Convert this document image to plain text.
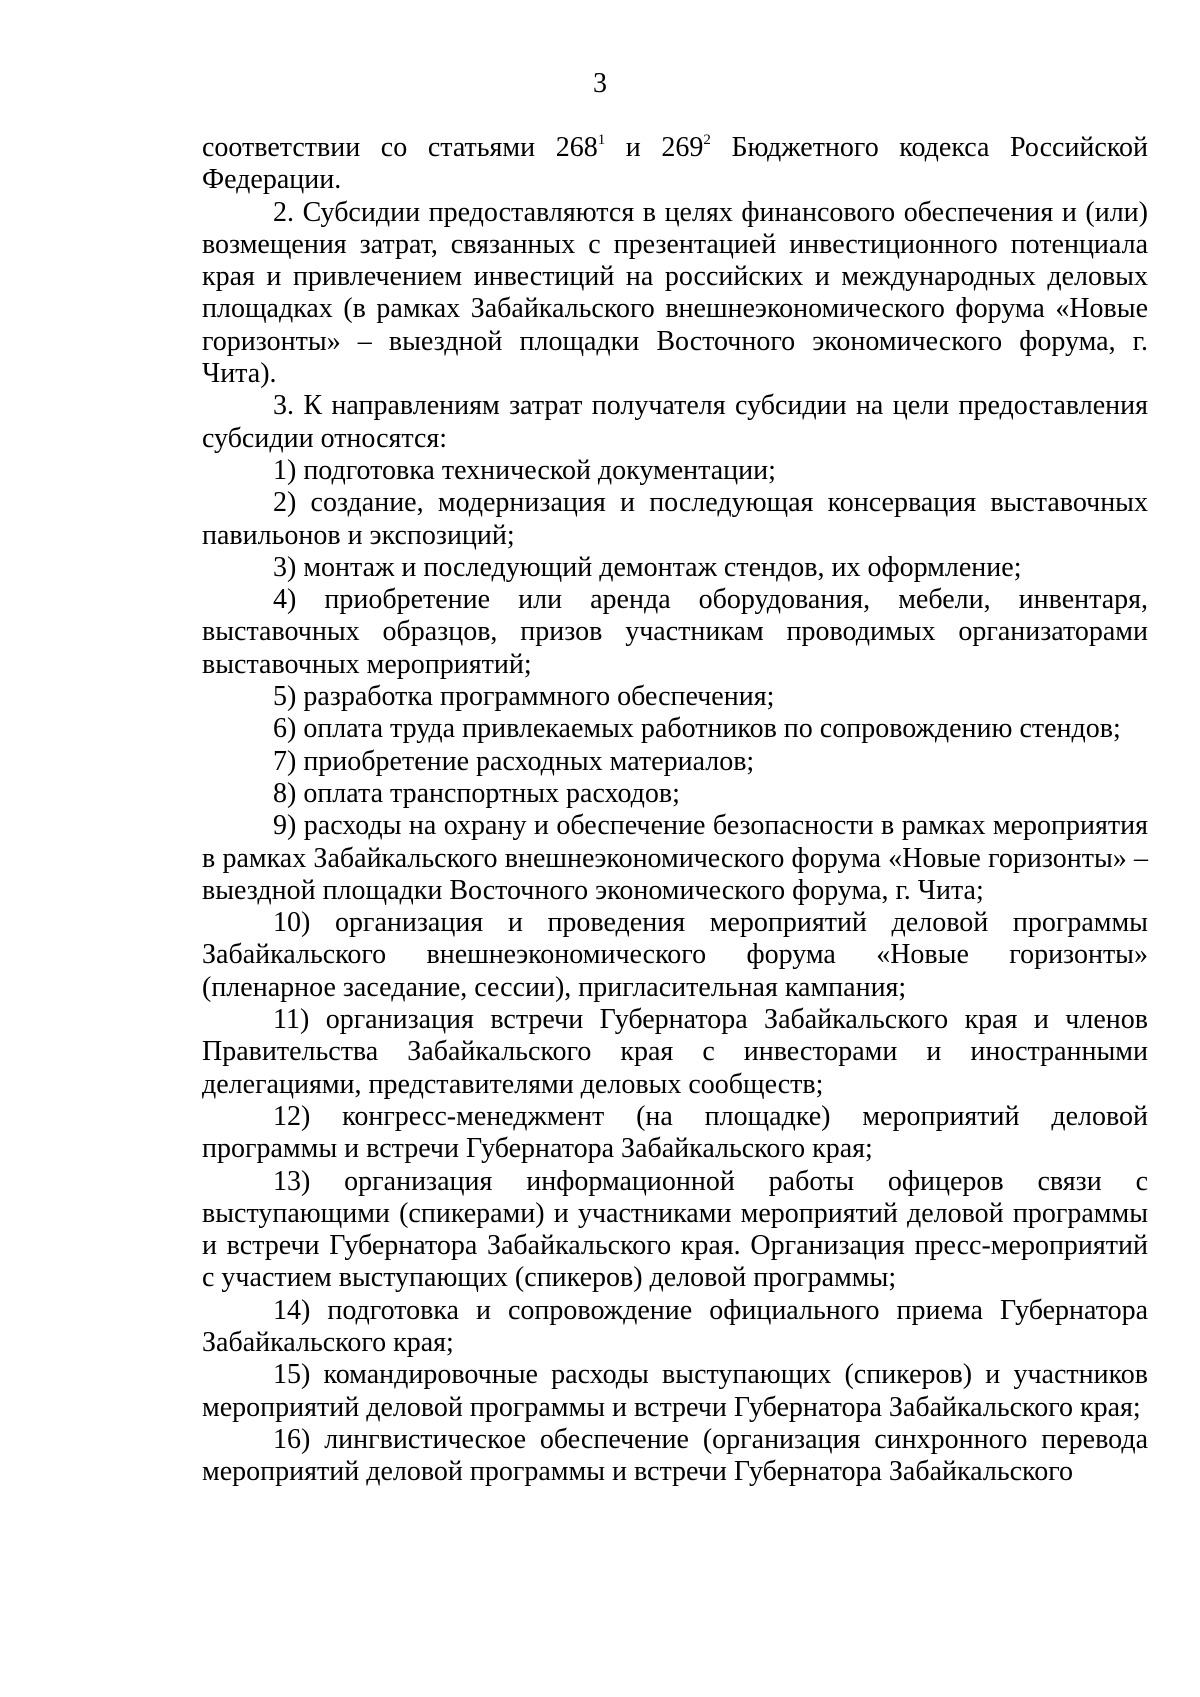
3

соответствии со статьями $268^1$ и $269^2$ Бюджетного кодекса Российской Федерации.

2. Субсидии предоставляются в целях финансового обеспечения и (или) возмещения затрат, связанных с презентацией инвестиционного потенциала края и привлечением инвестиций на российских и международных деловых площадках (в рамках Забайкальского внешнеэкономического форума «Новые горизонты» – выездной площадки Восточного экономического форума, г. Чита).

3. К направлениям затрат получателя субсидии на цели предоставления субсидии относятся:

1) подготовка технической документации;

2) создание, модернизация и последующая консервация выставочных павильонов и экспозиций;

3) монтаж и последующий демонтаж стендов, их оформление;

4) приобретение или аренда оборудования, мебели, инвентаря, выставочных образцов, призов участникам проводимых организаторами выставочных мероприятий;

5) разработка программного обеспечения;

6) оплата труда привлекаемых работников по сопровождению стендов;

7) приобретение расходных материалов;

8) оплата транспортных расходов;

9) расходы на охрану и обеспечение безопасности в рамках мероприятия в рамках Забайкальского внешнеэкономического форума «Новые горизонты» – выездной площадки Восточного экономического форума, г. Чита;

10) организация и проведения мероприятий деловой программы Забайкальского внешнеэкономического форума «Новые горизонты» (пленарное заседание, сессии), пригласительная кампания;

11) организация встречи Губернатора Забайкальского края и членов Правительства Забайкальского края с инвесторами и иностранными делегациями, представителями деловых сообществ;

12) конгресс-менеджмент (на площадке) мероприятий деловой программы и встречи Губернатора Забайкальского края;

13) организация информационной работы офицеров связи с выступающими (спикерами) и участниками мероприятий деловой программы и встречи Губернатора Забайкальского края. Организация пресс-мероприятий с участием выступающих (спикеров) деловой программы;

14) подготовка и сопровождение официального приема Губернатора Забайкальского края;

15) командировочные расходы выступающих (спикеров) и участников мероприятий деловой программы и встречи Губернатора Забайкальского края;

16) лингвистическое обеспечение (организация синхронного перевода мероприятий деловой программы и встречи Губернатора Забайкальского
